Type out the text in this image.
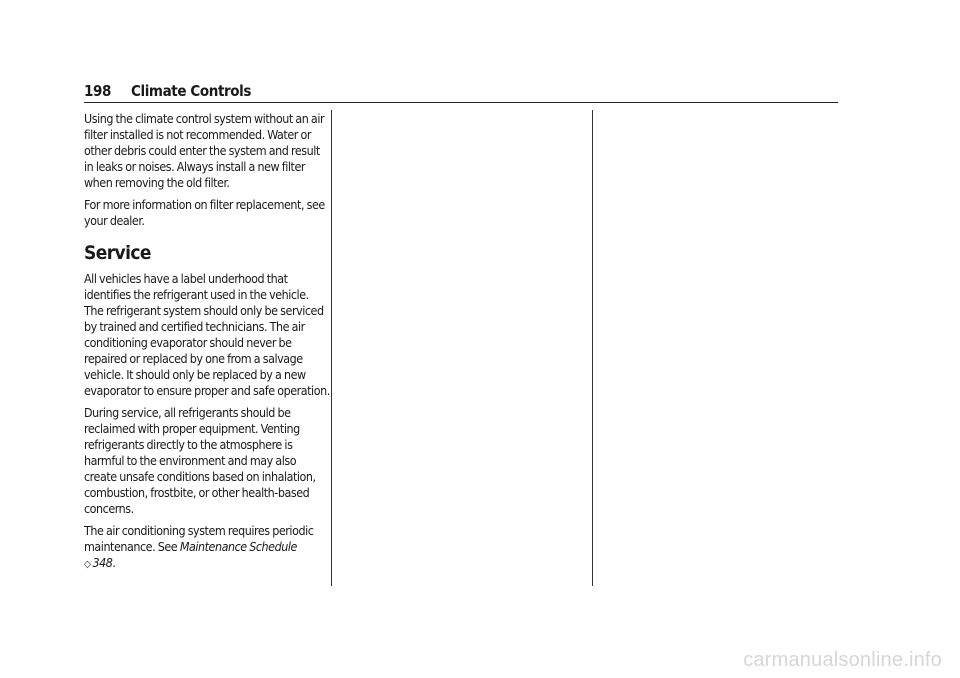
198 Climate Controls

Using the climate control system without an air filter installed is not recommended. Water or other debris could enter the system and result in leaks or noises. Always install a new filter when removing the old filter.

For more information on filter replacement, see your dealer.

Service

All vehicles have a label underhood that identifies the refrigerant used in the vehicle. The refrigerant system should only be serviced by trained and certified technicians. The air conditioning evaporator should never be repaired or replaced by one from a salvage vehicle. It should only be replaced by a new evaporator to ensure proper and safe operation.

During service, all refrigerants should be reclaimed with proper equipment. Venting refrigerants directly to the atmosphere is harmful to the environment and may also create unsafe conditions based on inhalation, combustion, frostbite, or other health-based concerns.

The air conditioning system requires periodic maintenance. See Maintenance Schedule
◇ 348.

carmanualsonline.info
